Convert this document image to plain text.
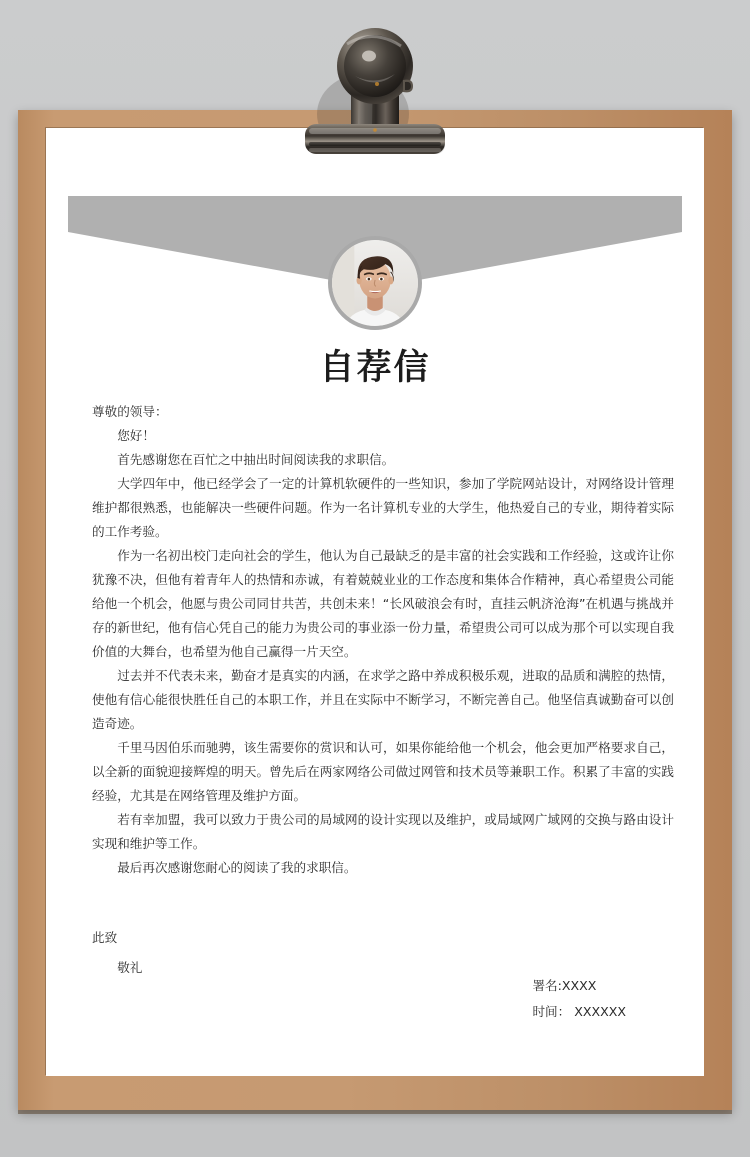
自荐信

尊敬的领导：

您好！

首先感谢您在百忙之中抽出时间阅读我的求职信。

大学四年中，他已经学会了一定的计算机软硬件的一些知识，参加了学院网站设计，对网络设计管理维护都很熟悉，也能解决一些硬件问题。作为一名计算机专业的大学生，他热爱自己的专业，期待着实际的工作考验。

作为一名初出校门走向社会的学生，他认为自己最缺乏的是丰富的社会实践和工作经验，这或许让你犹豫不决，但他有着青年人的热情和赤诚，有着兢兢业业的工作态度和集体合作精神，真心希望贵公司能给他一个机会，他愿与贵公司同甘共苦，共创未来！“长风破浪会有时，直挂云帆济沧海”在机遇与挑战并存的新世纪，他有信心凭自己的能力为贵公司的事业添一份力量，希望贵公司可以成为那个可以实现自我价值的大舞台，也希望为他自己赢得一片天空。

过去并不代表未来，勤奋才是真实的内涵，在求学之路中养成积极乐观，进取的品质和满腔的热情，使他有信心能很快胜任自己的本职工作，并且在实际中不断学习，不断完善自己。他坚信真诚勤奋可以创造奇迹。

千里马因伯乐而驰骋，该生需要你的赏识和认可，如果你能给他一个机会，他会更加严格要求自己，以全新的面貌迎接辉煌的明天。曾先后在两家网络公司做过网管和技术员等兼职工作。积累了丰富的实践经验，尤其是在网络管理及维护方面。

若有幸加盟，我可以致力于贵公司的局域网的设计实现以及维护，或局域网广域网的交换与路由设计实现和维护等工作。

最后再次感谢您耐心的阅读了我的求职信。

此致
敬礼
署名:XXXX
时间： XXXXXX
